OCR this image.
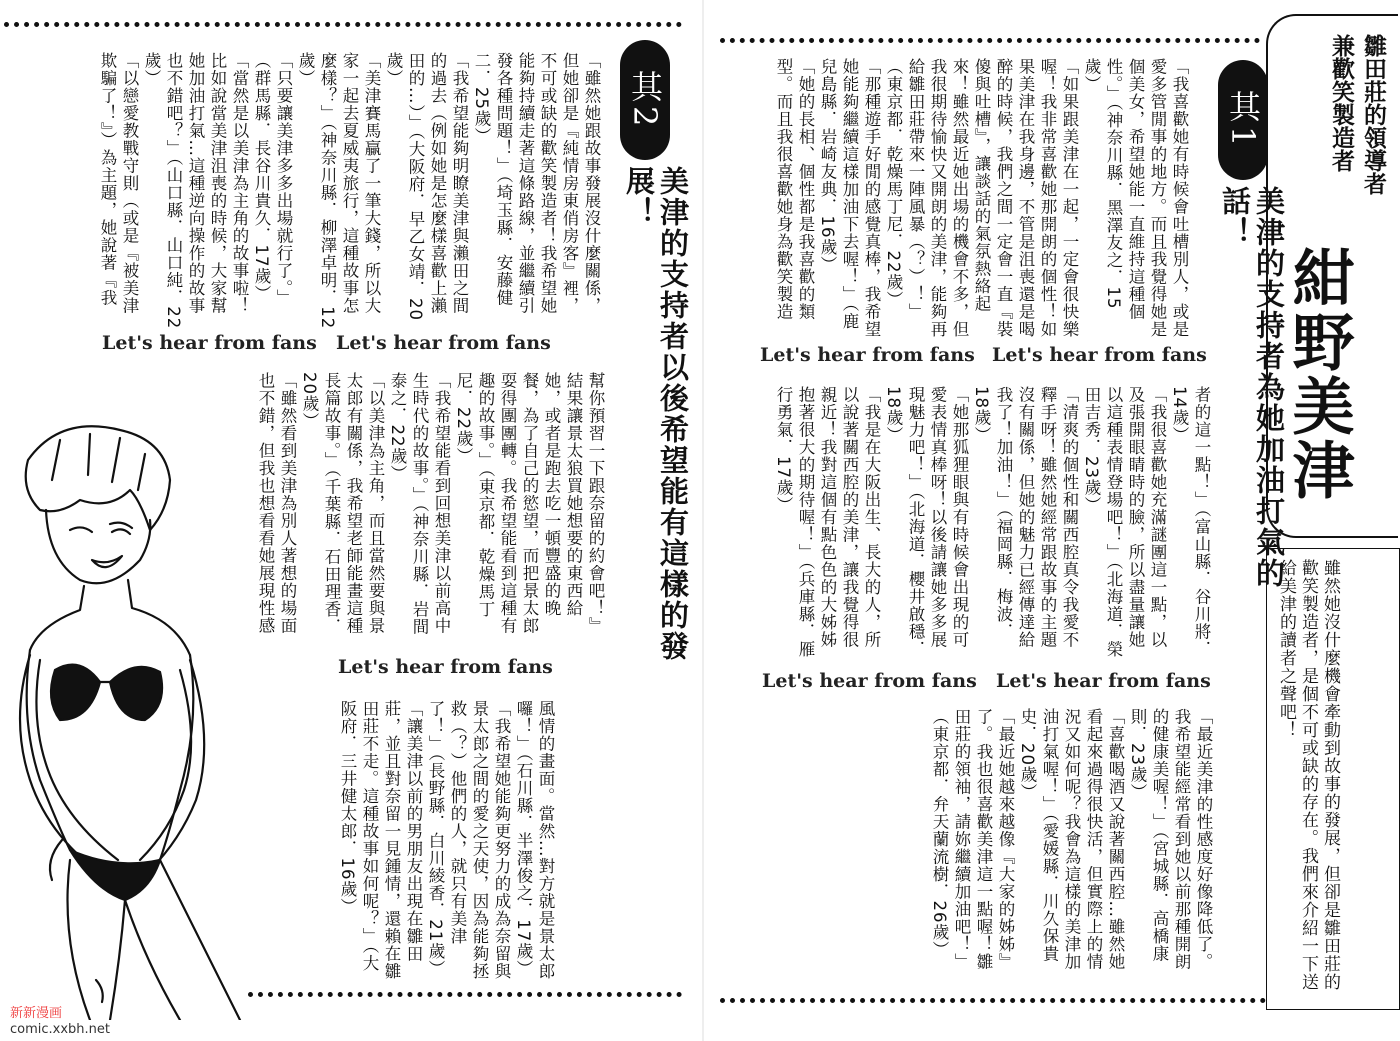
雛田莊的領導者
兼歡笑製造者
紺野美津
雖然她沒什麼機會牽動到故事的發展，但卻是雛田莊的歡笑製造者，是個不可或缺的存在。我們來介紹一下送給美津的讀者之聲吧！
其1
美津的支持者為她加油打氣的話！
「我喜歡她有時候會吐槽別人，或是愛多管閒事的地方。而且我覺得她是個美女，希望她能一直維持這種個性。」（神奈川縣．黑澤友之．15歲）
「如果跟美津在一起，一定會很快樂喔！我非常喜歡她那開朗的個性！如果美津在我身邊，不管是沮喪還是喝醉的時候，我們之間一定會一直『裝傻與吐槽』，讓談話的氣氛熱絡起來！雖然最近她出場的機會不多，但我很期待愉快又開朗的美津，能夠再給雛田莊帶來一陣風暴（？）！」（東京都．乾燥馬丁尼．22歲）
「那種遊手好閒的感覺真棒，我希望她能夠繼續這樣加油下去喔！」（鹿兒島縣．岩崎友典．16歲）
「她的長相、個性都是我喜歡的類型。而且我很喜歡她身為歡笑製造
Let's hear from fans
Let's hear from fans
者的這一點！」（富山縣．谷川將．14歲）
「我很喜歡她充滿謎團這一點，以及張開眼睛時的臉，所以盡量讓她以這種表情登場吧！」（北海道．榮田吉秀．23歲）
「清爽的個性和關西腔真令我愛不釋手呀！雖然她經常跟故事的主題沒有關係，但她的魅力已經傳達給我了！加油！」（福岡縣．梅波．18歲）
「她那狐狸眼與有時候會出現的可愛表情真棒呀！以後請讓她多多展現魅力吧！」（北海道．櫻井啟穩．18歲）
「我是在大阪出生、長大的人，所以說著關西腔的美津，讓我覺得很親近！我對這個有點色色的大姊姊抱著很大的期待喔！」（兵庫縣．雁行勇氣．17歲）
Let's hear from fans
Let's hear from fans
「最近美津的性感度好像降低了。我希望能經常看到她以前那種開朗的健康美喔！」（宮城縣．高橋康則．23歲）
「喜歡喝酒又說著關西腔…雖然她看起來過得很快活，但實際上的情況又如何呢？我會為這樣的美津加油打氣喔！」（愛媛縣．川久保貴史．20歲）
「最近她越來越像『大家的姊姊』了。我也很喜歡美津這一點喔！雛田莊的領袖，請妳繼續加油吧！」（東京都．弁天蘭流樹．26歲）
其2
美津的支持者以後希望能有這樣的發展！
「雖然她跟故事發展沒什麼關係，但她卻是『純情房東俏房客』裡，不可或缺的歡笑製造者！我希望她能夠持續走著這條路線，並繼續引發各種問題！」（埼玉縣．安藤健二．25歲）
「我希望能夠明瞭美津與瀨田之間的過去（例如她是怎麼樣喜歡上瀨田的…）」（大阪府．早乙女靖．20歲）
「美津賽馬贏了一筆大錢，所以大家一起去夏威夷旅行，這種故事怎麼樣？」（神奈川縣．柳澤卓明．12歲）
「只要讓美津多多出場就行了。」（群馬縣．長谷川貴久．17歲）
「當然是以美津為主角的故事啦！比如說當美津沮喪的時候，大家幫她加油打氣…這種逆向操作的故事也不錯吧？」（山口縣．山口純．22歲）
「以戀愛教戰守則（或是『被美津欺騙了！』）為主題，她說著『我
Let's hear from fans
Let's hear from fans
幫你預習一下跟奈留的約會吧！』結果讓景太狼買她想要的東西給她，或者是跑去吃一頓豐盛的晚餐，為了自己的慾望，而把景太郎耍得團團轉。我希望能看到這種有趣的故事。」（東京都．乾燥馬丁尼．22歲）
「我希望能看到回想美津以前高中生時代的故事。」（神奈川縣．岩間泰之．22歲）
「以美津為主角，而且當然要與景太郎有關係，我希望老師能畫這種長篇故事。」（千葉縣．石田理香．20歲）
「雖然看到美津為別人著想的場面也不錯，但我也想看看她展現性感
Let's hear from fans
風情的畫面。當然…對方就是景太郎囉！」（石川縣．半澤俊之．17歲）
「我希望她能夠更努力的成為奈留與景太郎之間的愛之天使，因為能夠拯救（？）他們的人，就只有美津了！」（長野縣．白川綾香．21歲）
「讓美津以前的男朋友出現在雛田莊，並且對奈留一見鍾情，還賴在雛田莊不走。這種故事如何呢？」（大阪府．三井健太郎．16歲）
新新漫画
comic.xxbh.net
